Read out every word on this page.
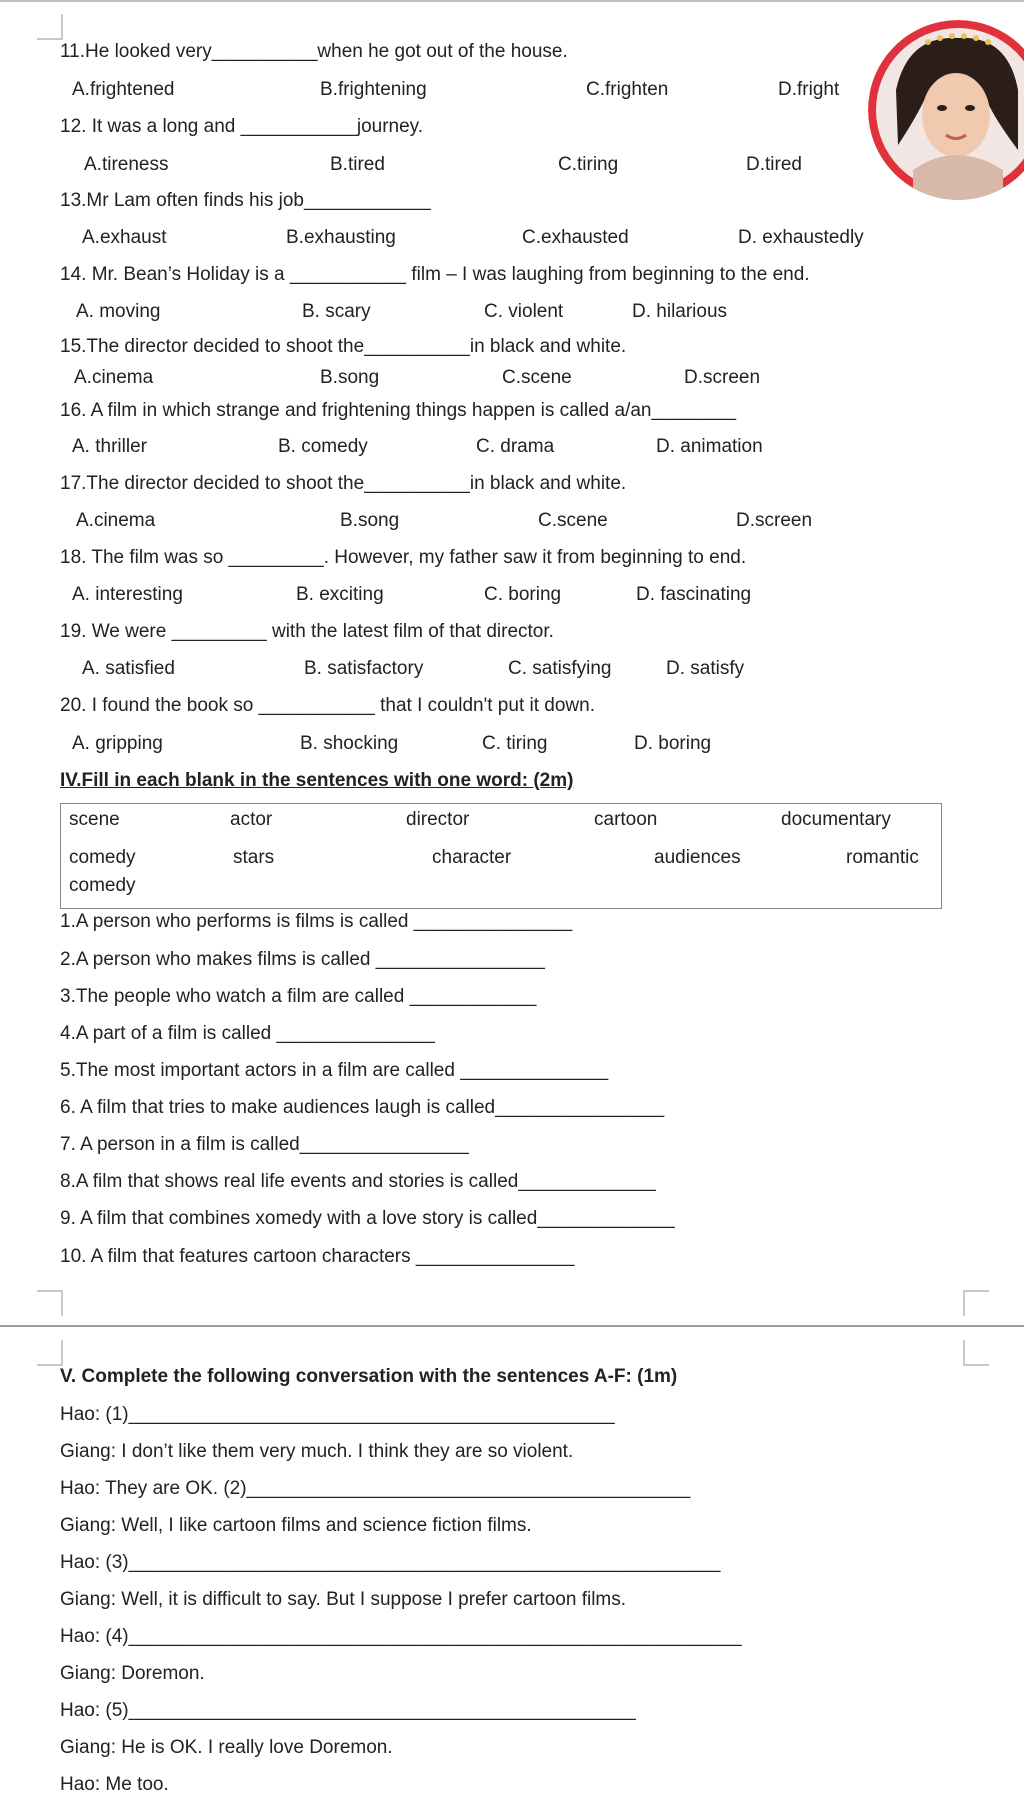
11.He looked very__________when he got out of the house.
A.frightened	B.frightening	C.frighten	D.fright
12. It was a long and ___________journey.
A.tireness	B.tired	C.tiring	D.tired
13.Mr Lam often finds his job____________
A.exhaust	B.exhausting	C.exhausted	D. exhaustedly
14. Mr. Bean’s Holiday is a ___________ film – I was laughing from beginning to the end.
A. moving	B. scary	C. violent	D. hilarious
15.The director decided to shoot the__________in black and white.
A.cinema	B.song	C.scene	D.screen
16. A film in which strange and frightening things happen is called a/an________
A. thriller	B. comedy	C. drama	D. animation
17.The director decided to shoot the__________in black and white.
A.cinema	B.song	C.scene	D.screen
18. The film was so _________. However, my father saw it from beginning to end.
A. interesting	B. exciting	C. boring	D. fascinating
19. We were _________ with the latest film of that director.
A. satisfied	B. satisfactory	C. satisfying	D. satisfy
20. I found the book so ___________ that I couldn't put it down.
A. gripping	B. shocking	C. tiring	D. boring
IV.Fill in each blank in the sentences with one word: (2m)
scene	actor	director	cartoon	documentary
comedy	stars	character	audiences	romantic
comedy
1.A person who performs is films is called _______________
2.A person who makes films is called ________________
3.The people who watch a film are called ____________
4.A part of a film is called _______________
5.The most important actors in a film are called ______________
6. A film that tries to make audiences laugh is called________________
7. A person in a film is called________________
8.A film that shows real life events and stories is called_____________
9. A film that combines xomedy with a love story is called_____________
10. A film that features cartoon characters _______________
V. Complete the following conversation with the sentences A-F: (1m)
Hao: (1)______________________________________________
Giang: I don’t like them very much. I think they are so violent.
Hao: They are OK. (2)__________________________________________
Giang: Well, I like cartoon films and science fiction films.
Hao: (3)________________________________________________________
Giang: Well, it is difficult to say. But I suppose I prefer cartoon films.
Hao: (4)__________________________________________________________
Giang: Doremon.
Hao: (5)________________________________________________
Giang: He is OK. I really love Doremon.
Hao: Me too.
